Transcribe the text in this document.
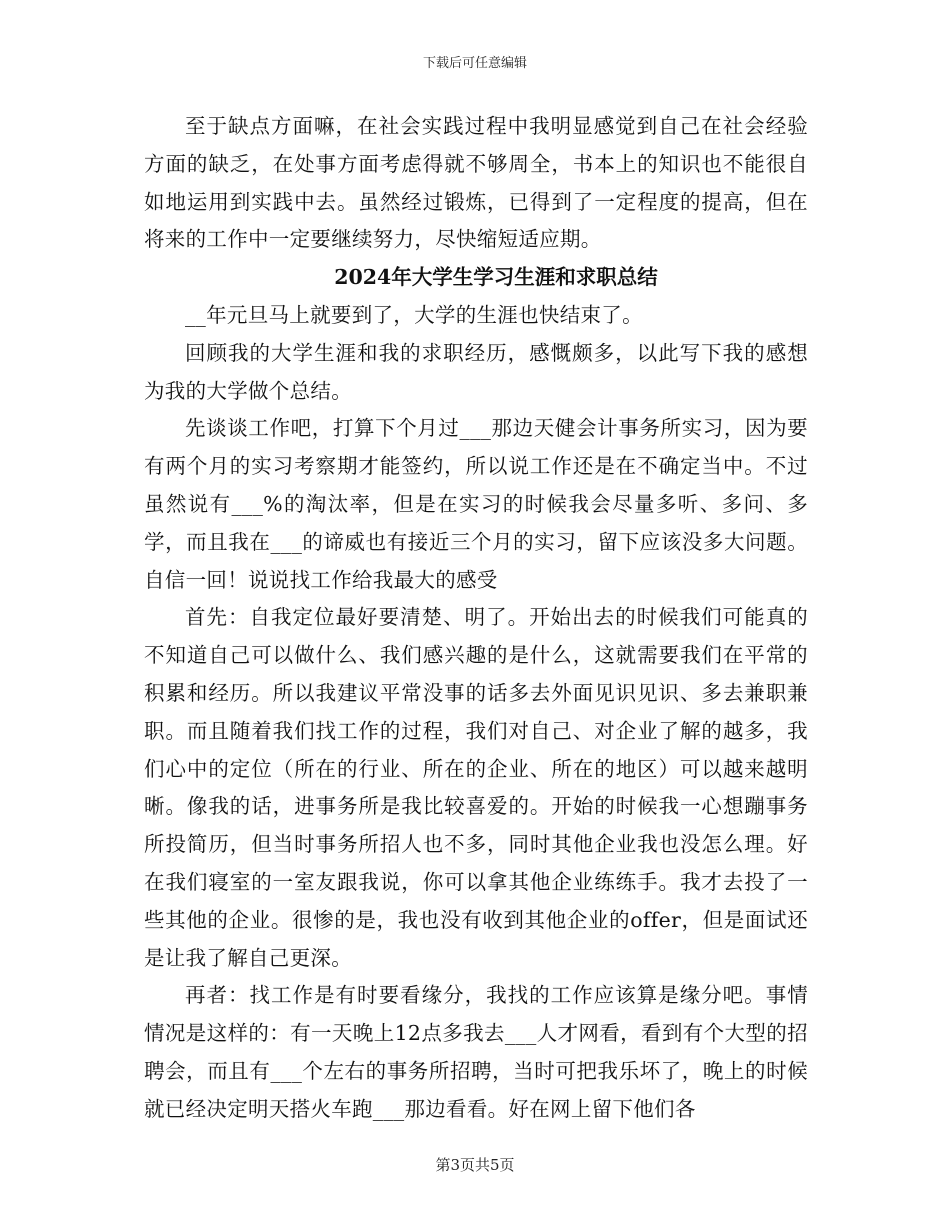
下载后可任意编辑

至于缺点方面嘛，在社会实践过程中我明显感觉到自己在社会经验方面的缺乏，在处事方面考虑得就不够周全，书本上的知识也不能很自如地运用到实践中去。虽然经过锻炼，已得到了一定程度的提高，但在将来的工作中一定要继续努力，尽快缩短适应期。

2024年大学生学习生涯和求职总结

__年元旦马上就要到了，大学的生涯也快结束了。

回顾我的大学生涯和我的求职经历，感慨颇多，以此写下我的感想为我的大学做个总结。

先谈谈工作吧，打算下个月过___那边天健会计事务所实习，因为要有两个月的实习考察期才能签约，所以说工作还是在不确定当中。不过虽然说有___%的淘汰率，但是在实习的时候我会尽量多听、多问、多学，而且我在___的谛威也有接近三个月的实习，留下应该没多大问题。自信一回！说说找工作给我最大的感受

首先：自我定位最好要清楚、明了。开始出去的时候我们可能真的不知道自己可以做什么、我们感兴趣的是什么，这就需要我们在平常的积累和经历。所以我建议平常没事的话多去外面见识见识、多去兼职兼职。而且随着我们找工作的过程，我们对自己、对企业了解的越多，我们心中的定位（所在的行业、所在的企业、所在的地区）可以越来越明晰。像我的话，进事务所是我比较喜爱的。开始的时候我一心想蹦事务所投简历，但当时事务所招人也不多，同时其他企业我也没怎么理。好在我们寝室的一室友跟我说，你可以拿其他企业练练手。我才去投了一些其他的企业。很惨的是，我也没有收到其他企业的offer，但是面试还是让我了解自己更深。

再者：找工作是有时要看缘分，我找的工作应该算是缘分吧。事情情况是这样的：有一天晚上12点多我去___人才网看，看到有个大型的招聘会，而且有___个左右的事务所招聘，当时可把我乐坏了，晚上的时候就已经决定明天搭火车跑___那边看看。好在网上留下他们各

第3页共5页
